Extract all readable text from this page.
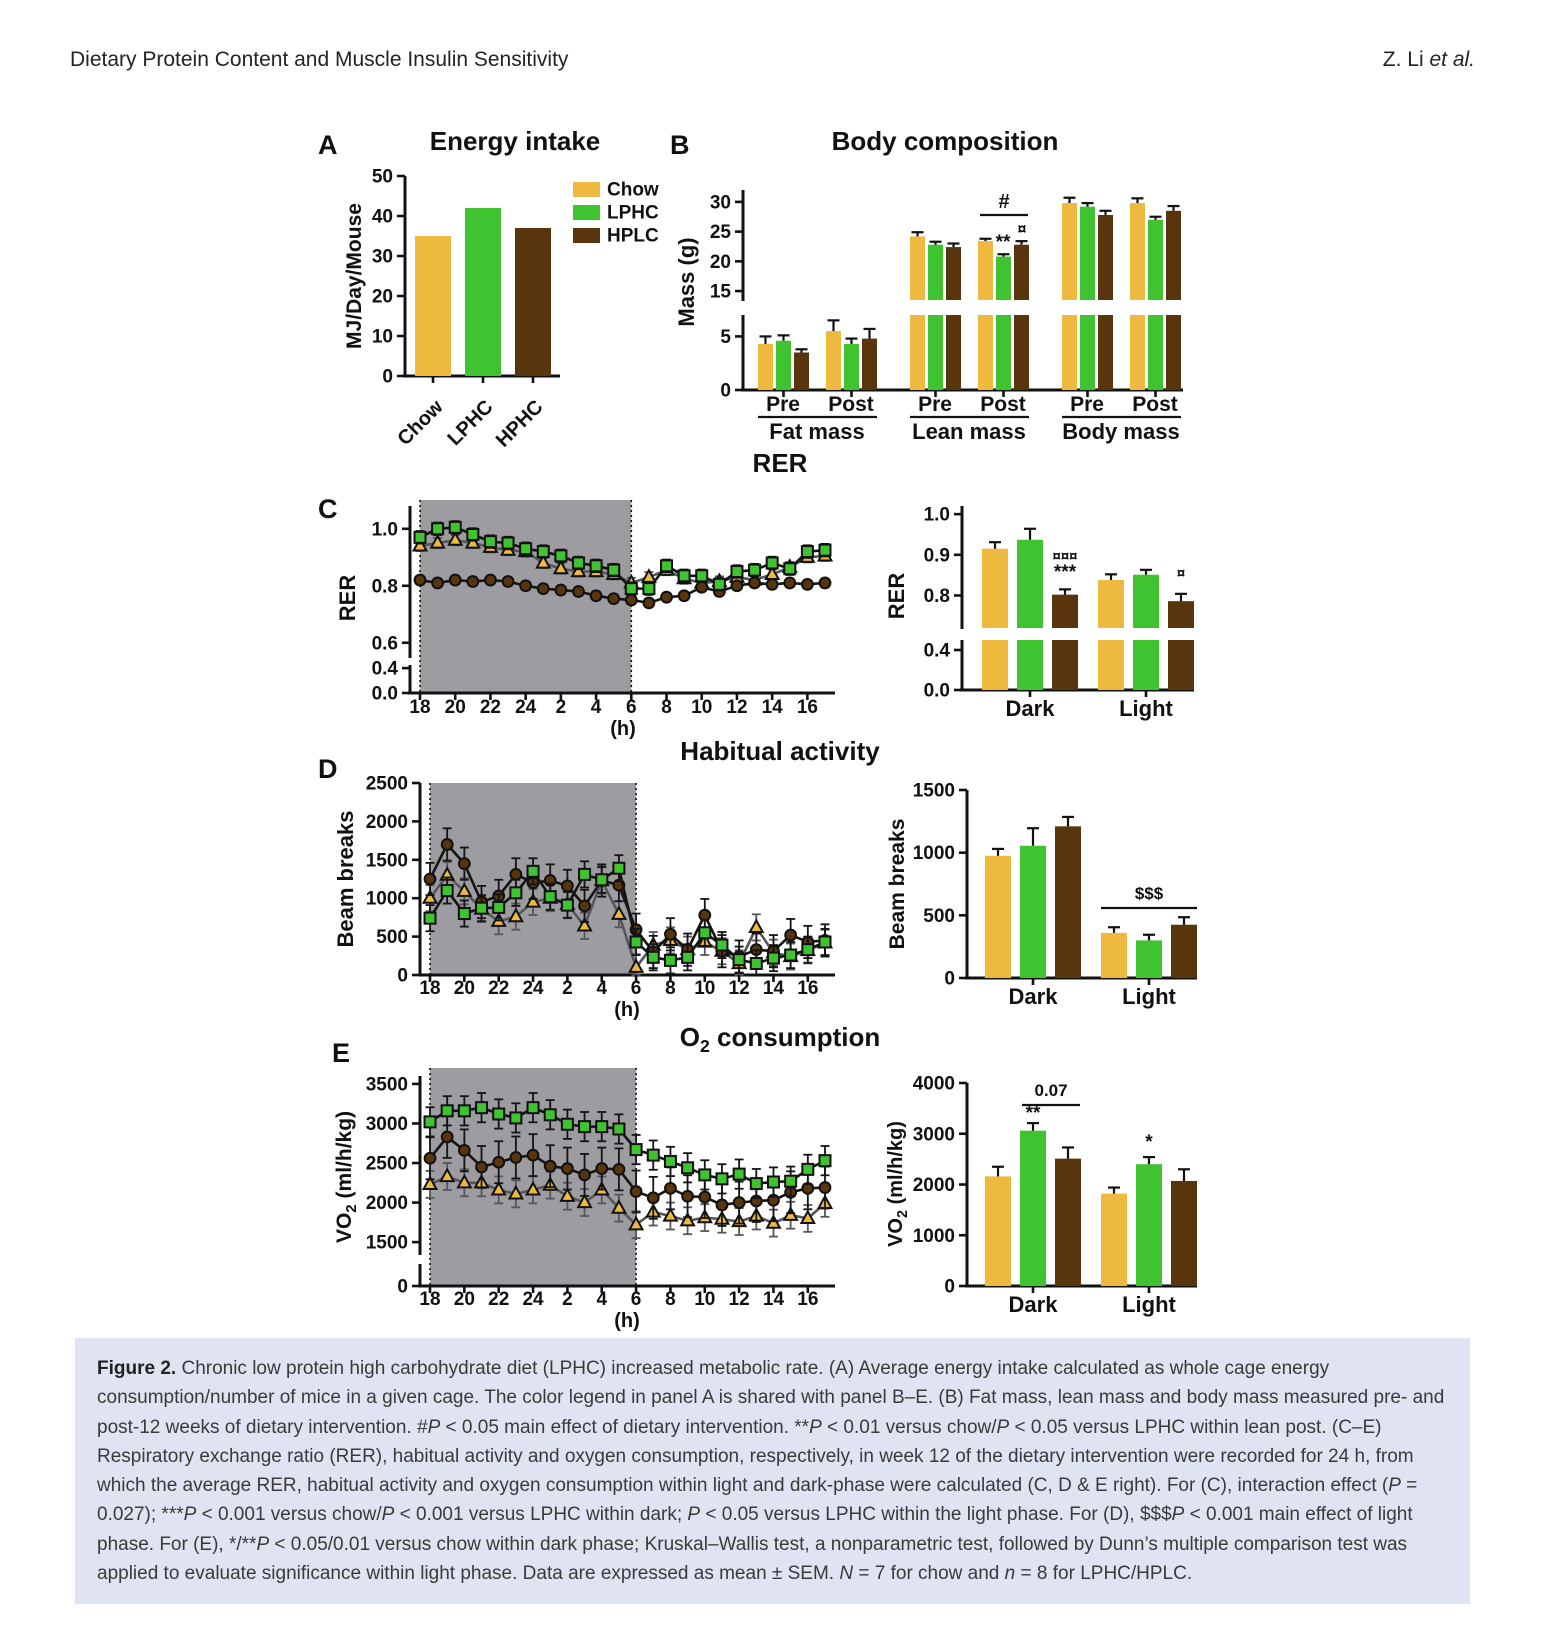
Dietary Protein Content and Muscle Insulin Sensitivity	Z. Li et al.
A	Energy intake
0
10
20
30
40
50
Chow
LPHC
HPHC
MJ/Day/Mouse
Chow
LPHC
HPLC
B	Body composition
0
5
15
20
25
30
Pre Post
Fat mass
Pre Post
Lean mass
Pre Post
Body mass
#
**
¤
Mass (g)
C
RER
0.0
0.4
0.6
0.8
1.0
18 20 22 24 2 4 6 8 10 12 14 16
(h)
RER
0.0
0.4
0.8
0.9
1.0
Dark	Light
***
¤¤¤
¤
RER
D
Habitual activity
0
500
1000
1500
2000
2500
18 20 22 24 2 4 6 8 10 12 14 16
(h)
Beam breaks
0
500
1000
1500
Dark	Light
$$$
Beam breaks
E
$O_2$ consumption
0
1500
2000
2500
3000
3500
18 20 22 24 2 4 6 8 10 12 14 16
(h)
$VO_2$ (ml/h/kg)
0
1000
2000
3000
4000
Dark	Light
**
0.07
*
$VO_2$ (ml/h/kg)

Figure 2. Chronic low protein high carbohydrate diet (LPHC) increased metabolic rate. (A) Average energy intake calculated as whole cage energy consumption/number of mice in a given cage. The color legend in panel A is shared with panel B–E. (B) Fat mass, lean mass and body mass measured pre- and post-12 weeks of dietary intervention. #P < 0.05 main effect of dietary intervention. **P < 0.01 versus chow/P < 0.05 versus LPHC within lean post. (C–E) Respiratory exchange ratio (RER), habitual activity and oxygen consumption, respectively, in week 12 of the dietary intervention were recorded for 24 h, from which the average RER, habitual activity and oxygen consumption within light and dark-phase were calculated (C, D & E right). For (C), interaction effect (P = 0.027); ***P < 0.001 versus chow/P < 0.001 versus LPHC within dark; P < 0.05 versus LPHC within the light phase. For (D), $$$P < 0.001 main effect of light phase. For (E), */**P < 0.05/0.01 versus chow within dark phase; Kruskal–Wallis test, a nonparametric test, followed by Dunn’s multiple comparison test was applied to evaluate significance within light phase. Data are expressed as mean ± SEM. N = 7 for chow and n = 8 for LPHC/HPLC.
